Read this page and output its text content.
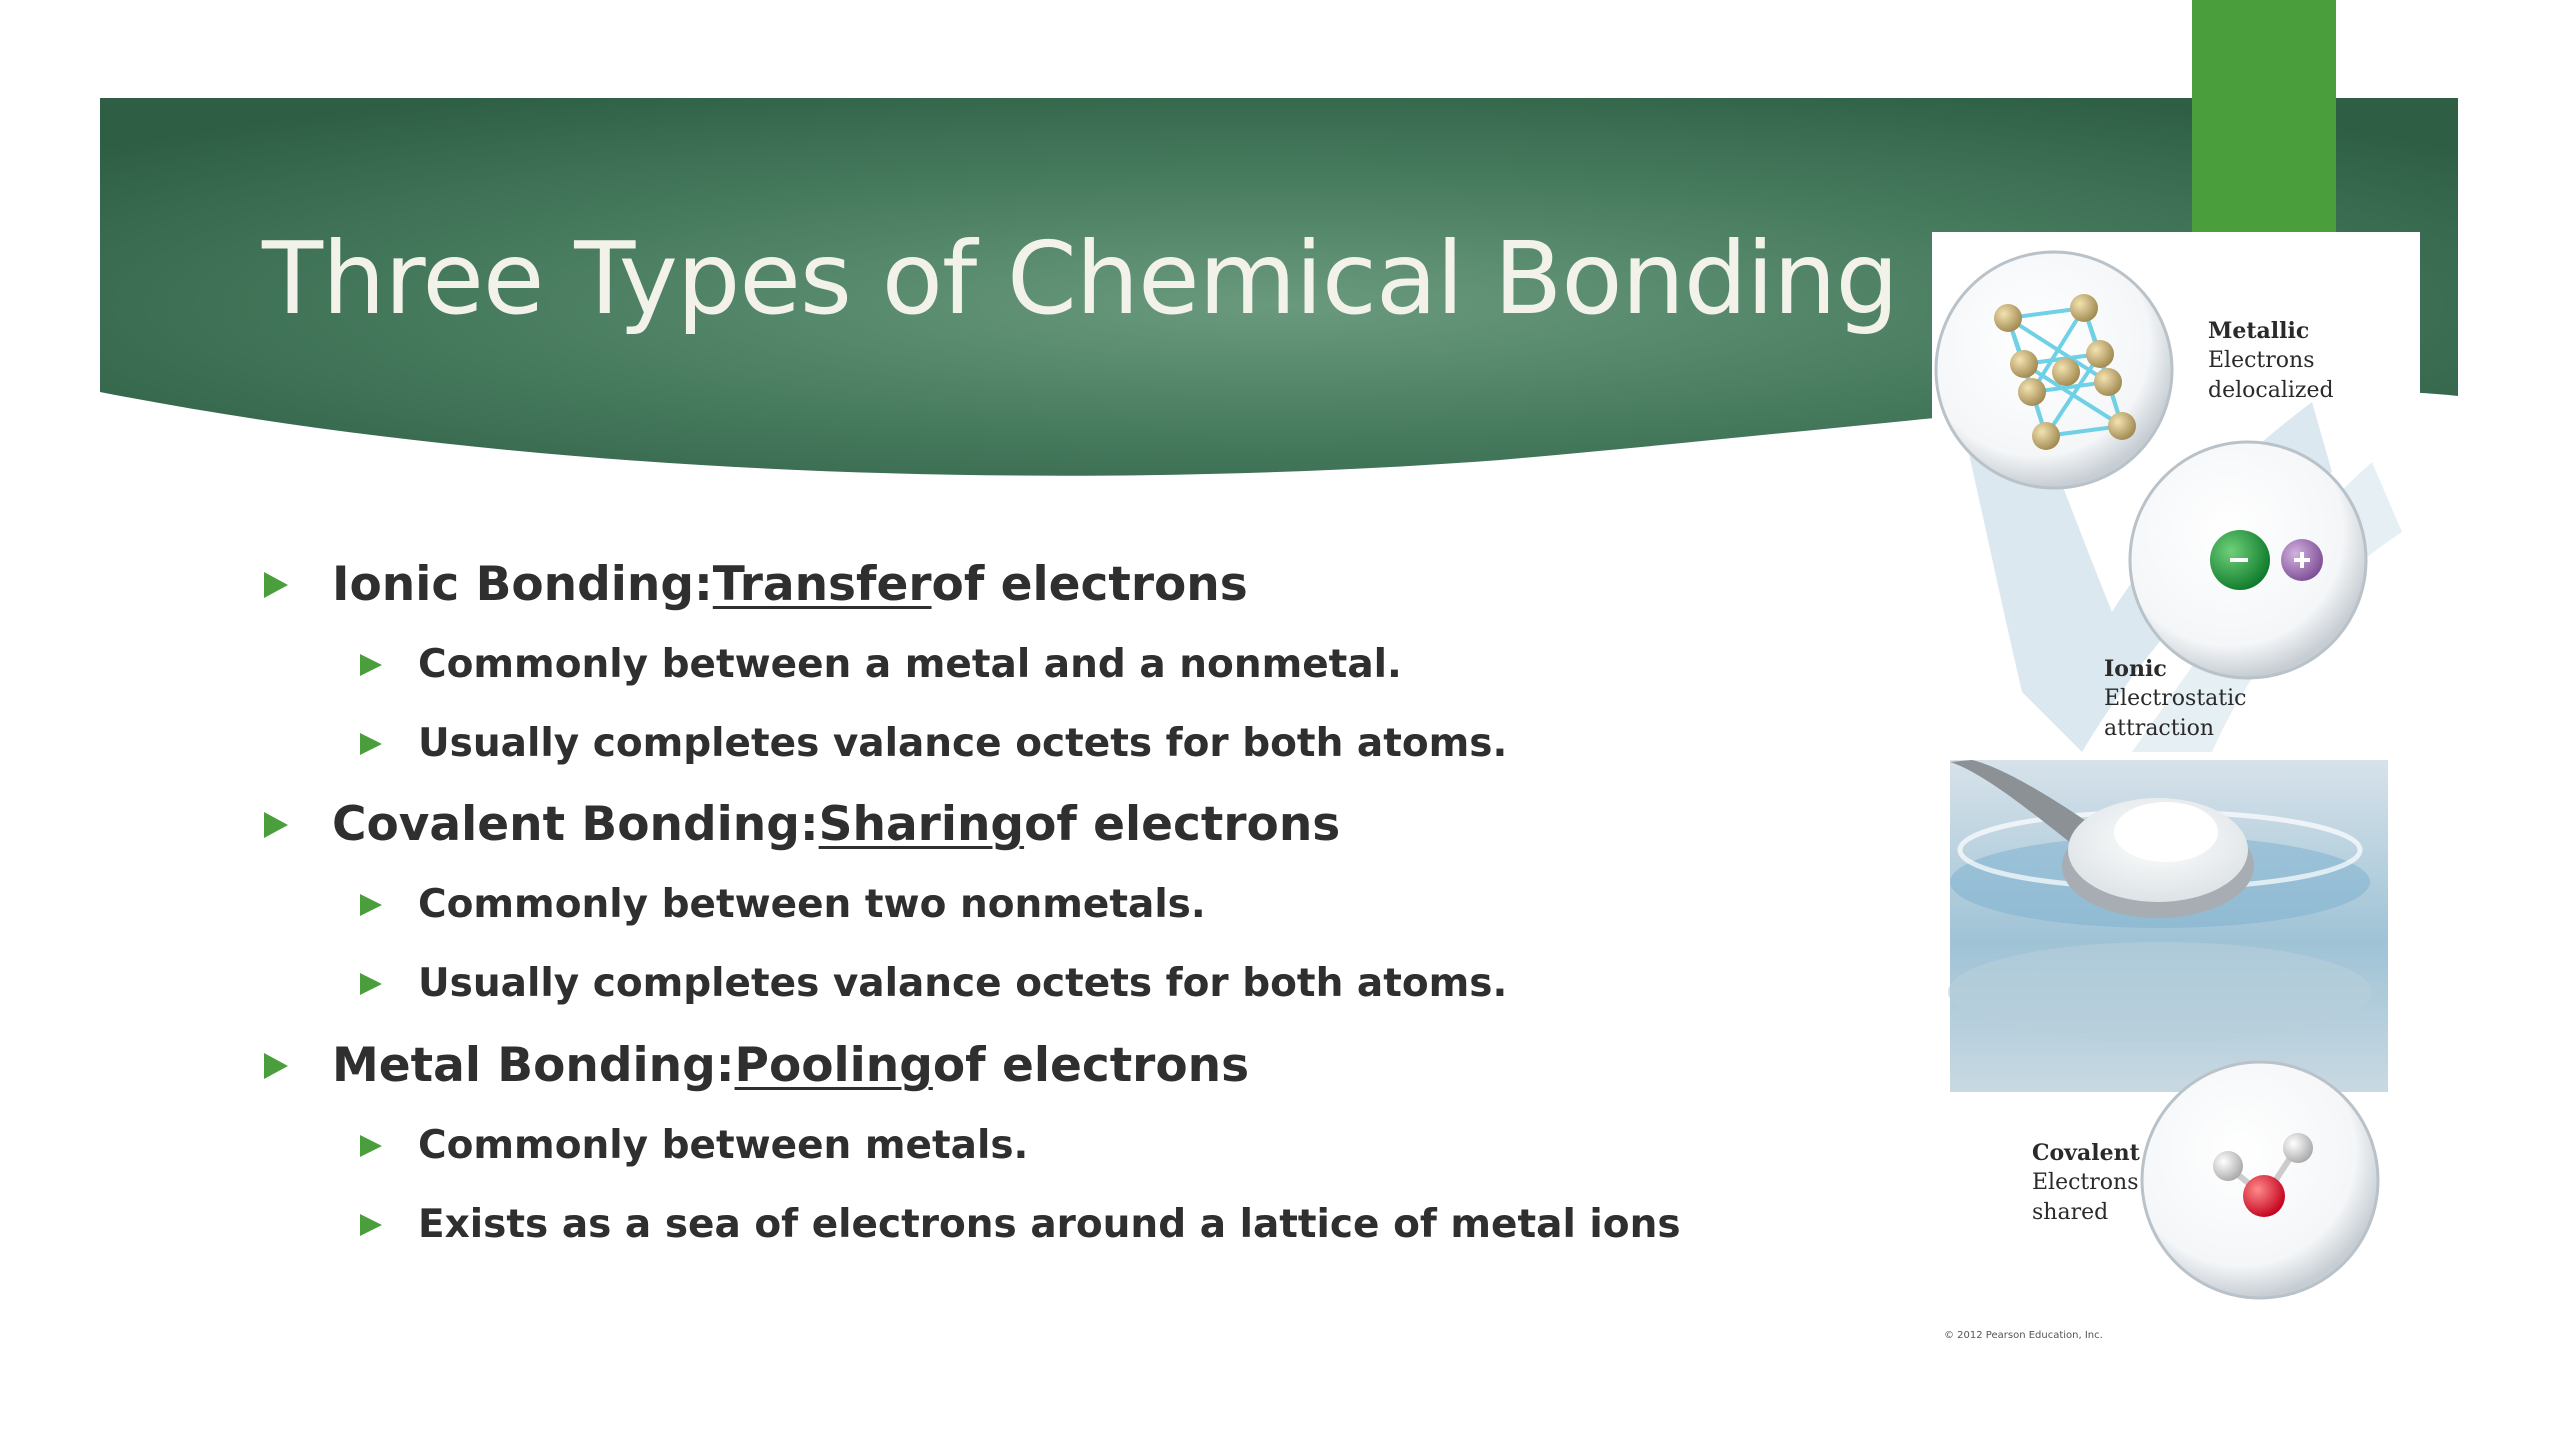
Three Types of Chemical Bonding
Ionic Bonding: Transfer of electrons
Commonly between a metal and a nonmetal.
Usually completes valance octets for both atoms.
Covalent Bonding: Sharing of electrons
Commonly between two nonmetals.
Usually completes valance octets for both atoms.
Metal Bonding: Pooling of electrons
Commonly between metals.
Exists as a sea of electrons around a lattice of metal ions
Metallic
Electrons
delocalized
Ionic
Electrostatic
attraction
Covalent
Electrons
shared
© 2012 Pearson Education, Inc.
